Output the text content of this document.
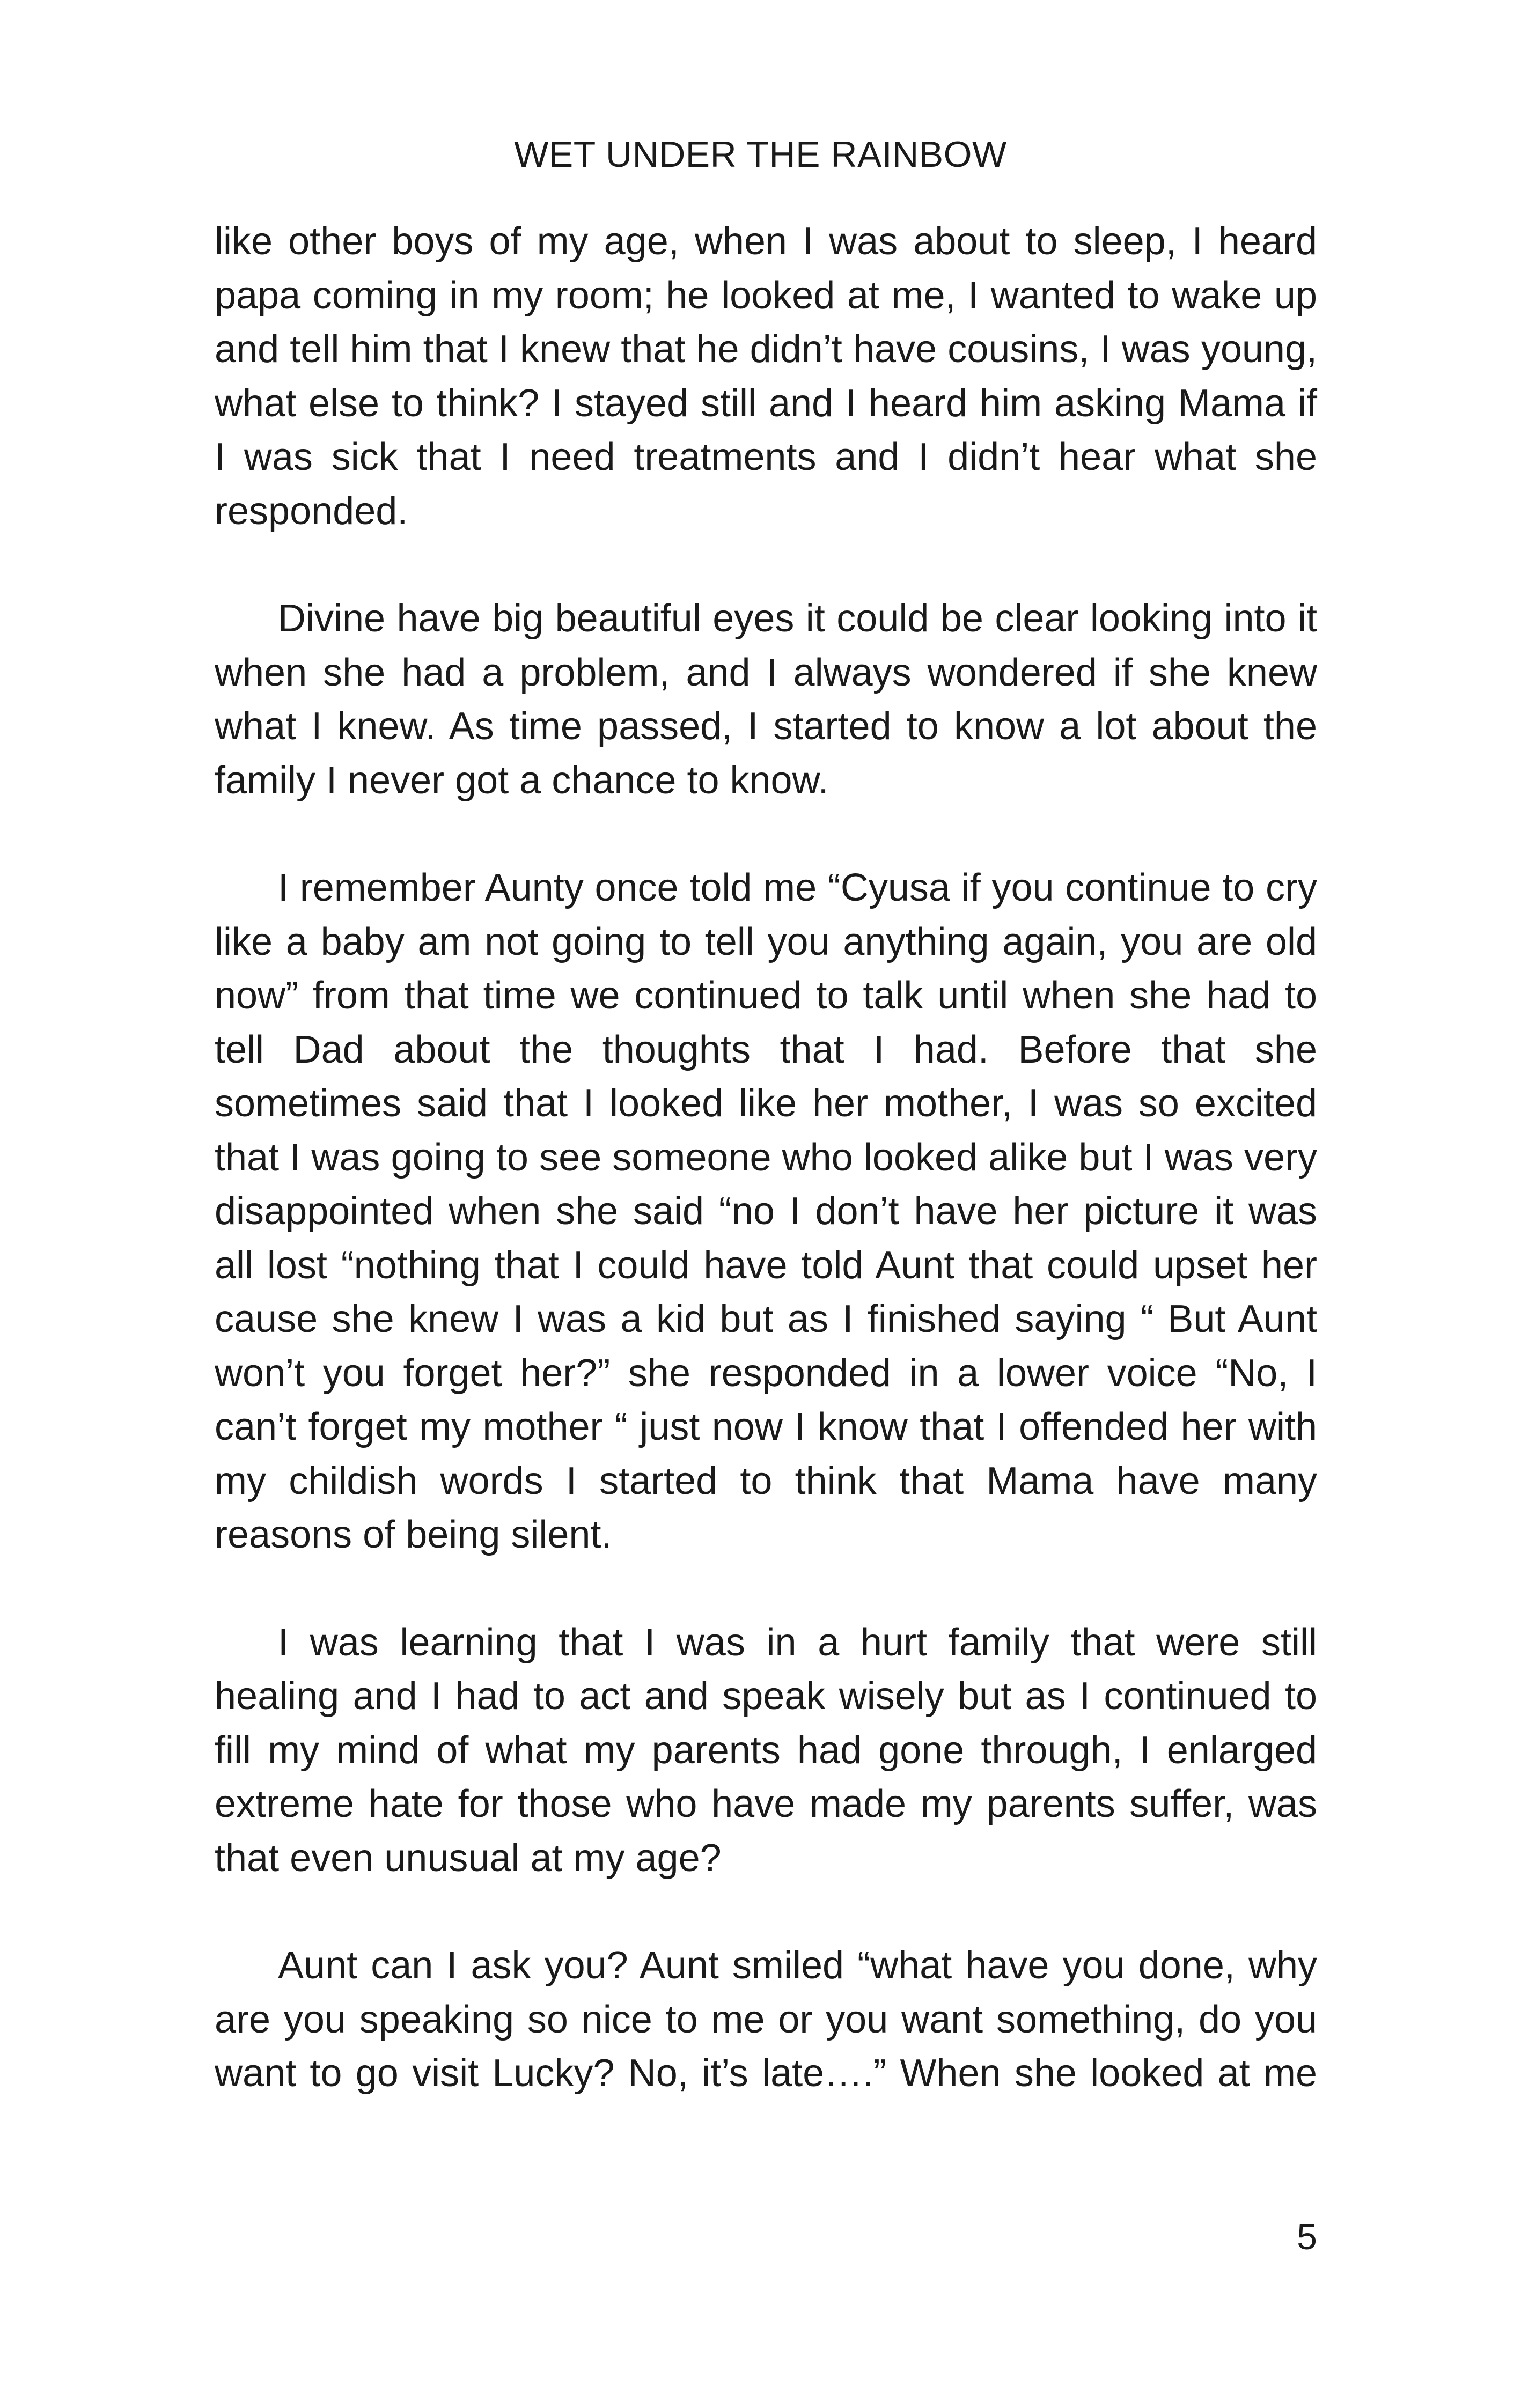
WET UNDER THE RAINBOW

like other boys of my age, when I was about to sleep, I heard papa coming in my room; he looked at me, I wanted to wake up and tell him that I knew that he didn’t have cousins, I was young, what else to think? I stayed still and I heard him asking Mama if I was sick that I need treatments and I didn’t hear what she responded.

Divine have big beautiful eyes it could be clear looking into it when she had a problem, and I always wondered if she knew what I knew. As time passed, I started to know a lot about the family I never got a chance to know.

I remember Aunty once told me “Cyusa if you continue to cry like a baby am not going to tell you anything again, you are old now” from that time we continued to talk until when she had to tell Dad about the thoughts that I had. Before that she sometimes said that I looked like her mother, I was so excited that I was going to see someone who looked alike but I was very disappointed when she said “no I don’t have her picture it was all lost “nothing that I could have told Aunt that could upset her cause she knew I was a kid but as I finished saying “ But Aunt won’t you forget her?” she responded in a lower voice “No, I can’t forget my mother “ just now I know that I offended her with my childish words I started to think that Mama have many reasons of being silent.

I was learning that I was in a hurt family that were still healing and I had to act and speak wisely but as I continued to fill my mind of what my parents had gone through, I enlarged extreme hate for those who have made my parents suffer, was that even unusual at my age?

Aunt can I ask you? Aunt smiled “what have you done, why are you speaking so nice to me or you want something, do you want to go visit Lucky? No, it’s late….” When she looked at me

5
